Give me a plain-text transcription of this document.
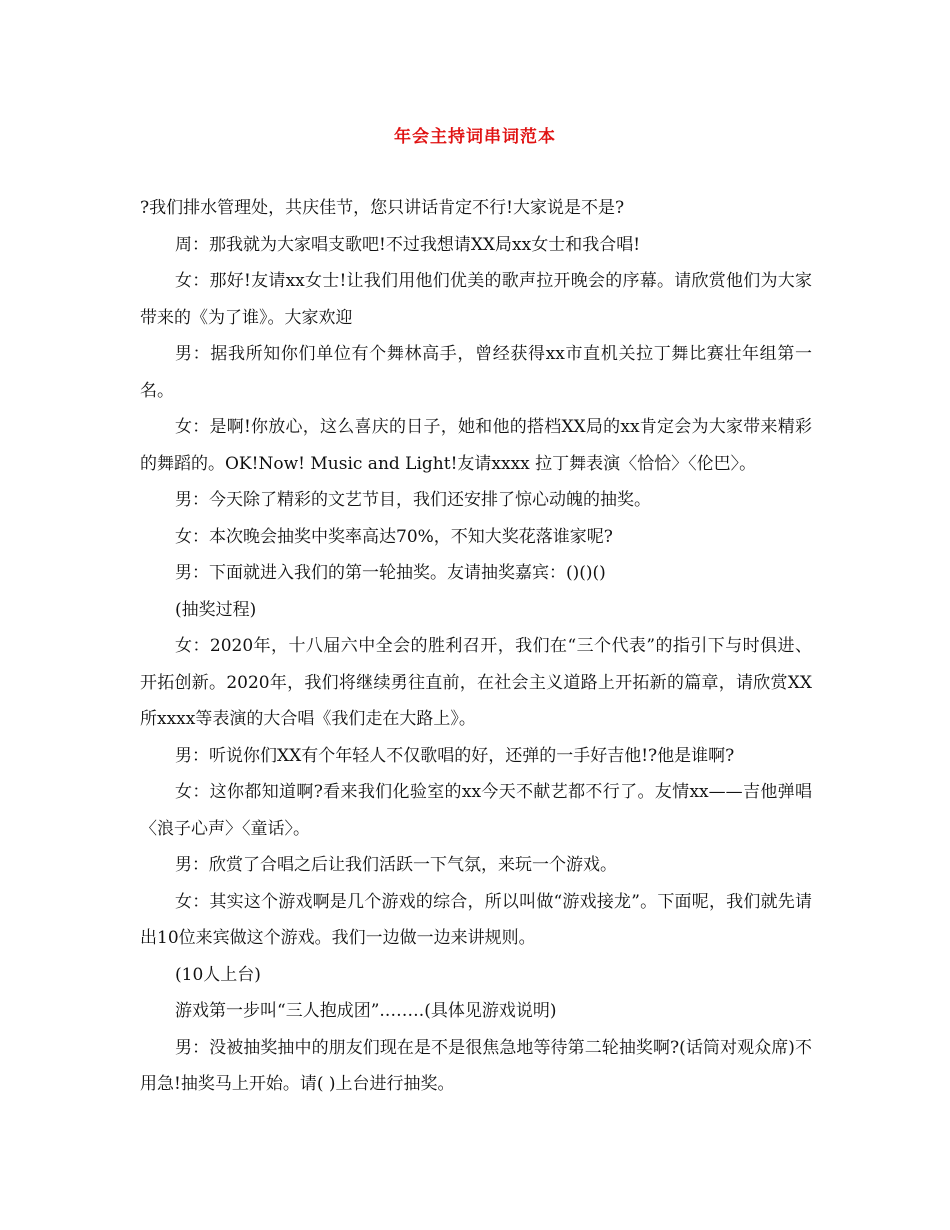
年会主持词串词范本

?我们排水管理处，共庆佳节，您只讲话肯定不行!大家说是不是?

周：那我就为大家唱支歌吧!不过我想请XX局xx女士和我合唱!

女：那好!友请xx女士!让我们用他们优美的歌声拉开晚会的序幕。请欣赏他们为大家带来的《为了谁》。大家欢迎

男：据我所知你们单位有个舞林高手，曾经获得xx市直机关拉丁舞比赛壮年组第一名。

女：是啊!你放心，这么喜庆的日子，她和他的搭档XX局的xx肯定会为大家带来精彩的舞蹈的。OK!Now! Music and Light!友请xxxx 拉丁舞表演〈恰恰〉〈伦巴〉。

男：今天除了精彩的文艺节目，我们还安排了惊心动魄的抽奖。

女：本次晚会抽奖中奖率高达70%，不知大奖花落谁家呢?

男：下面就进入我们的第一轮抽奖。友请抽奖嘉宾：()()()

(抽奖过程)

女：2020年，十八届六中全会的胜利召开，我们在“三个代表”的指引下与时俱进、开拓创新。2020年，我们将继续勇往直前，在社会主义道路上开拓新的篇章，请欣赏XX所xxxx等表演的大合唱《我们走在大路上》。

男：听说你们XX有个年轻人不仅歌唱的好，还弹的一手好吉他!?他是谁啊?

女：这你都知道啊?看来我们化验室的xx今天不献艺都不行了。友情xx——吉他弹唱〈浪子心声〉〈童话〉。

男：欣赏了合唱之后让我们活跃一下气氛，来玩一个游戏。

女：其实这个游戏啊是几个游戏的综合，所以叫做“游戏接龙”。下面呢，我们就先请出10位来宾做这个游戏。我们一边做一边来讲规则。

(10人上台)

游戏第一步叫“三人抱成团”.…….(具体见游戏说明)

男：没被抽奖抽中的朋友们现在是不是很焦急地等待第二轮抽奖啊?(话筒对观众席)不用急!抽奖马上开始。请( )上台进行抽奖。
